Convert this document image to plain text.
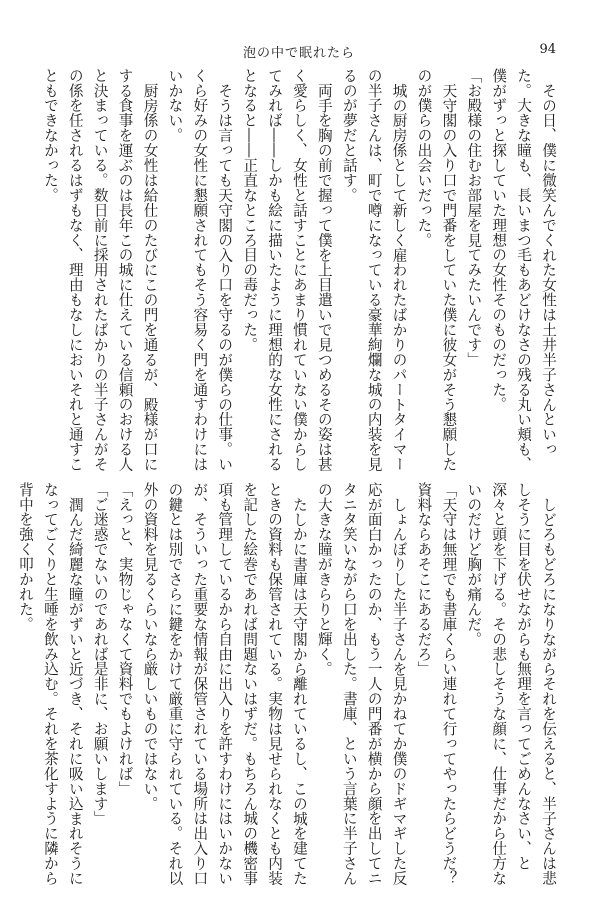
泡の中で眠れたら	94

その日、僕に微笑んでくれた女性は土井半子さんといった。大きな瞳も、長いまつ毛もあどけなさの残る丸い頬も、僕がずっと探していた理想の女性そのものだった。

「お殿様の住むお部屋を見てみたいんです」

天守閣の入り口で門番をしていた僕に彼女がそう懇願したのが僕らの出会いだった。

城の厨房係として新しく雇われたばかりのパートタイマーの半子さんは、町で噂になっている豪華絢爛な城の内装を見るのが夢だと話す。

両手を胸の前で握って僕を上目遣いで見つめるその姿は甚く愛らしく、女性と話すことにあまり慣れていない僕からしてみれば――しかも絵に描いたように理想的な女性にされるとなると――正直なところ目の毒だった。

そうは言っても天守閣の入り口を守るのが僕らの仕事。いくら好みの女性に懇願されてもそう容易く門を通すわけにはいかない。

厨房係の女性は給仕のたびにこの門を通るが、殿様が口にする食事を運ぶのは長年この城に仕えている信頼のおける人と決まっている。数日前に採用されたばかりの半子さんがその係を任されるはずもなく、理由もなしにおいそれと通すこともできなかった。

しどろもどろになりながらそれを伝えると、半子さんは悲しそうに目を伏せながらも無理を言ってごめんなさい、と深々と頭を下げる。その悲しそうな顔に、仕事だから仕方ないのだけど胸が痛んだ。

「天守は無理でも書庫くらい連れて行ってやったらどうだ？資料ならあそこにあるだろ」

しょんぼりした半子さんを見かねてか僕のドギマギした反応が面白かったのか、もう一人の門番が横から顔を出してニタニタ笑いながら口を出した。書庫、という言葉に半子さんの大きな瞳がきらりと輝く。

たしかに書庫は天守閣から離れているし、この城を建てたときの資料も保管されている。実物は見せられなくとも内装を記した絵巻であれば問題ないはずだ。もちろん城の機密事項も管理しているから自由に出入りを許すわけにはいかないが、そういった重要な情報が保管されている場所は出入り口の鍵とは別でさらに鍵をかけて厳重に守られている。それ以外の資料を見るくらいなら厳しいものではない。

「えっと、実物じゃなくて資料でもよければ」

「ご迷惑でないのであれば是非に、お願いします」

潤んだ綺麗な瞳がずいと近づき、それに吸い込まれそうになってごくりと生唾を飲み込む。それを茶化すように隣から背中を強く叩かれた。
